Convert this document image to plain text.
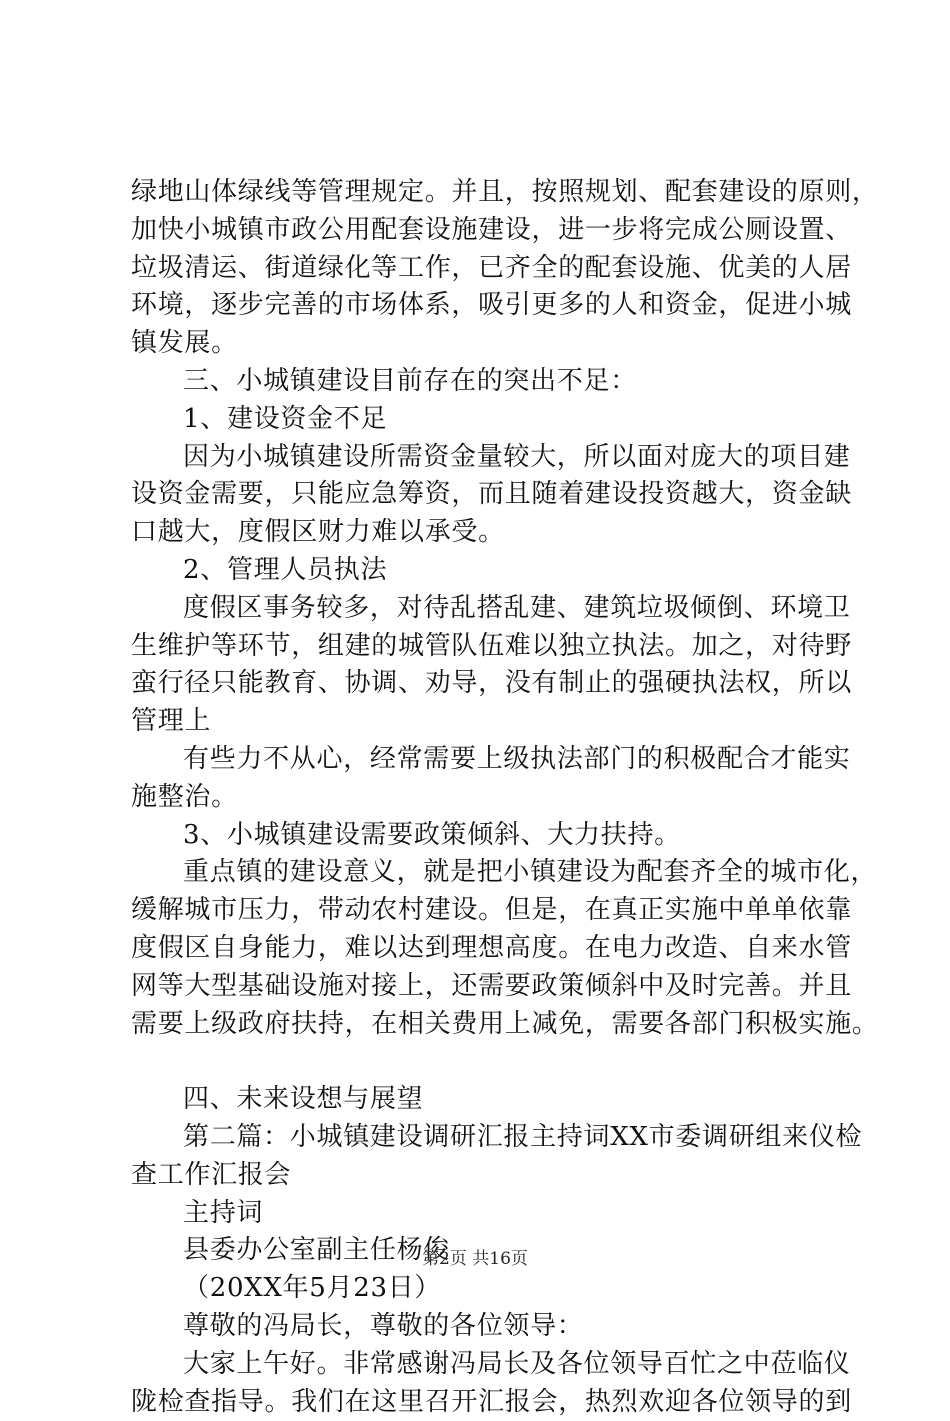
绿地山体绿线等管理规定。并且，按照规划、配套建设的原则，
加快小城镇市政公用配套设施建设，进一步将完成公厕设置、
垃圾清运、街道绿化等工作，已齐全的配套设施、优美的人居
环境，逐步完善的市场体系，吸引更多的人和资金，促进小城
镇发展。
三、小城镇建设目前存在的突出不足：
1、建设资金不足
因为小城镇建设所需资金量较大，所以面对庞大的项目建
设资金需要，只能应急筹资，而且随着建设投资越大，资金缺
口越大，度假区财力难以承受。
2、管理人员执法
度假区事务较多，对待乱搭乱建、建筑垃圾倾倒、环境卫
生维护等环节，组建的城管队伍难以独立执法。加之，对待野
蛮行径只能教育、协调、劝导，没有制止的强硬执法权，所以
管理上
有些力不从心，经常需要上级执法部门的积极配合才能实
施整治。
3、小城镇建设需要政策倾斜、大力扶持。
重点镇的建设意义，就是把小镇建设为配套齐全的城市化，
缓解城市压力，带动农村建设。但是，在真正实施中单单依靠
度假区自身能力，难以达到理想高度。在电力改造、自来水管
网等大型基础设施对接上，还需要政策倾斜中及时完善。并且
需要上级政府扶持，在相关费用上减免，需要各部门积极实施。
四、未来设想与展望
第二篇：小城镇建设调研汇报主持词XX市委调研组来仪检
查工作汇报会
主持词
县委办公室副主任杨俊
（20XX年5月23日）
尊敬的冯局长，尊敬的各位领导：
大家上午好。非常感谢冯局长及各位领导百忙之中莅临仪
陇检查指导。我们在这里召开汇报会，热烈欢迎各位领导的到
第2页 共16页
